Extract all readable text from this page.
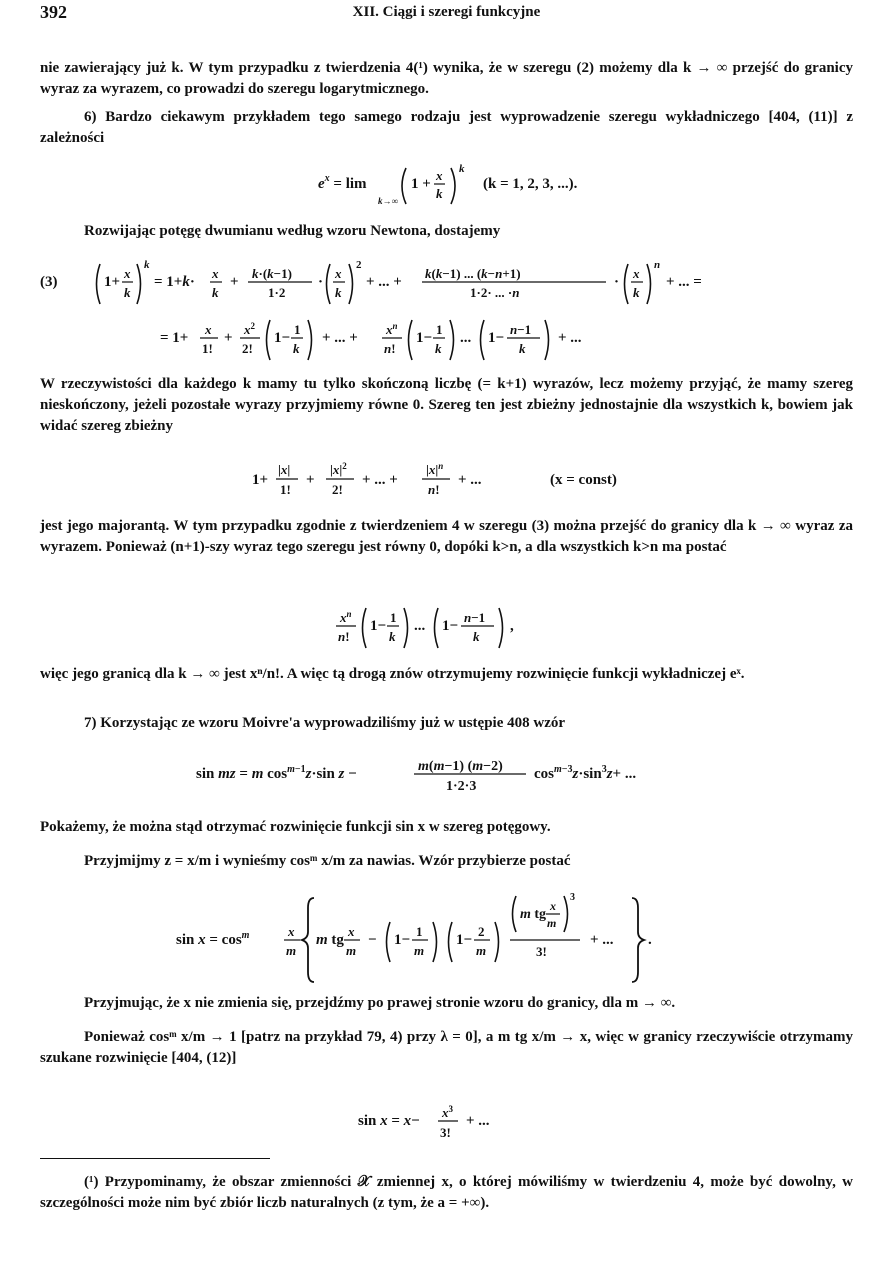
392	XII. Ciągi i szeregi funkcyjne
nie zawierający już k. W tym przypadku z twierdzenia 4(¹) wynika, że w szeregu (2) możemy dla k → ∞ przejść do granicy wyraz za wyrazem, co prowadzi do szeregu logarytmicznego.
6) Bardzo ciekawym przykładem tego samego rodzaju jest wyprowadzenie szeregu wykładniczego [404, (11)] z zależności
$e^x = \lim$
k→∞
1 +
x
k
k
(k = 1, 2, 3, ...).
Rozwijając potęgę dwumianu według wzoru Newtona, dostajemy
(3)	1+
x
k
k
= 1+k·
x
k
+
k·(k−1)
1·2
·
x
k
2
+ ... +
k(k−1) ... (k−n+1)
1·2· ... ·n
·
x
k
n
+ ... =
= 1+
x
1!
+
$x^2$
2!
1−
1
k
+ ... +
$x^n$
n!
1−
1
k
... 1−
n−1
k
+ ...
W rzeczywistości dla każdego k mamy tu tylko skończoną liczbę (= k+1) wyrazów, lecz możemy przyjąć, że mamy szereg nieskończony, jeżeli pozostałe wyrazy przyjmiemy równe 0. Szereg ten jest zbieżny jednostajnie dla wszystkich k, bowiem jak widać szereg zbieżny
1+
|x|
1!
+
$|x|^2$
2!
+ ... +
$|x|^n$
n!
+ ...	(x = const)
jest jego majorantą. W tym przypadku zgodnie z twierdzeniem 4 w szeregu (3) można przejść do granicy dla k → ∞ wyraz za wyrazem. Ponieważ (n+1)-szy wyraz tego szeregu jest równy 0, dopóki k>n, a dla wszystkich k>n ma postać
$x^n$
n!
1−
1
k
... 1−
n−1
k
,
więc jego granicą dla k → ∞ jest xⁿ/n!. A więc tą drogą znów otrzymujemy rozwinięcie funkcji wykładniczej eˣ.
7) Korzystając ze wzoru Moivre'a wyprowadziliśmy już w ustępie 408 wzór
sin mz = m $\cos^{m-1}z\cdot\sin$ z −	m(m−1) (m−2)
1·2·3
$\cos^{m-3}z\cdot\sin^3z+$ ...
Pokażemy, że można stąd otrzymać rozwinięcie funkcji sin x w szereg potęgowy.
Przyjmijmy z = x/m i wynieśmy cosᵐ x/m za nawias. Wzór przybierze postać
$\sin x = \cos^m$	x
m
m tg
x
m
− 1−
1
m
1−
2
m
m tg
x
m
3
3!
+ ... .
Przyjmując, że x nie zmienia się, przejdźmy po prawej stronie wzoru do granicy, dla m → ∞.
Ponieważ cosᵐ x/m → 1 [patrz na przykład 79, 4) przy λ = 0], a m tg x/m → x, więc w granicy rzeczywiście otrzymamy szukane rozwinięcie [404, (12)]
sin x = x−
$x^3$
3!
+ ...
(¹) Przypominamy, że obszar zmienności 𝒳 zmiennej x, o której mówiliśmy w twierdzeniu 4, może być dowolny, w szczególności może nim być zbiór liczb naturalnych (z tym, że a = +∞).
